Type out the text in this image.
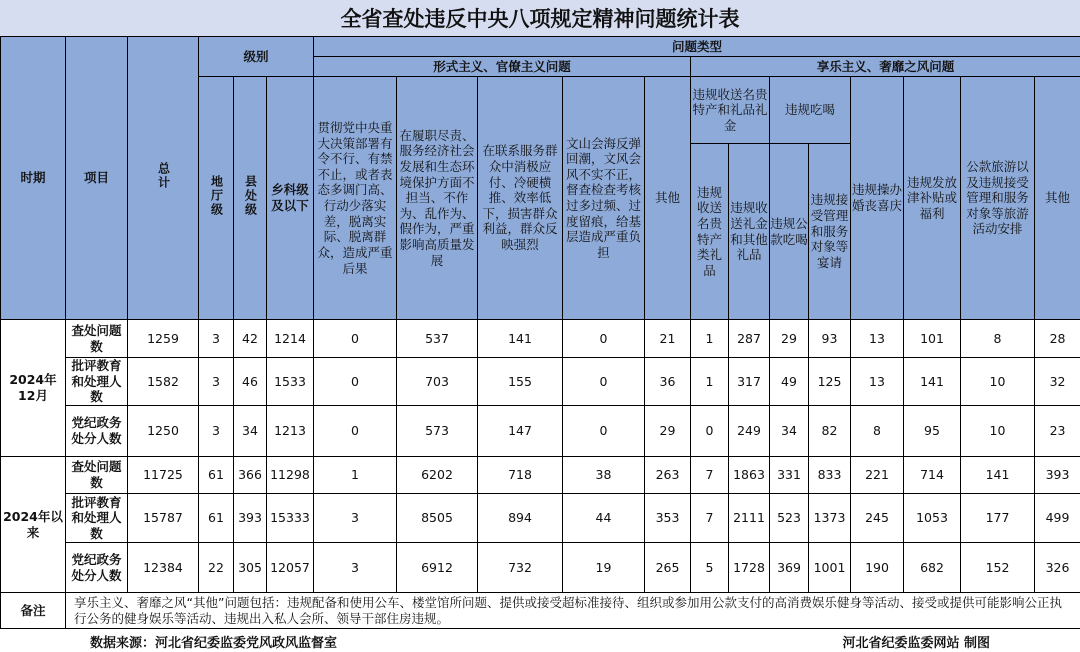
全省查处违反中央八项规定精神问题统计表
时期	项目	总计	级别			问题类型												
						形式主义、官僚主义问题					享乐主义、奢靡之风问题							
			地厅级	县处级	乡科级及以下	贯彻党中央重大决策部署有令不行、有禁不止，或者表态多调门高、行动少落实差，脱离实际、脱离群众，造成严重后果	在履职尽责、服务经济社会发展和生态环境保护方面不担当、不作为、乱作为、假作为，严重影响高质量发展	在联系服务群众中消极应付、冷硬横推、效率低下，损害群众利益，群众反映强烈	文山会海反弹回潮，文风会风不实不正，督查检查考核过多过频、过度留痕，给基层造成严重负担	其他	违规收送名贵特产和礼品礼金		违规吃喝		违规操办婚丧喜庆	违规发放津补贴或福利	公款旅游以及违规接受管理和服务对象等旅游活动安排	其他
											违规收送名贵特产类礼品	违规收送礼金和其他礼品	违规公款吃喝	违规接受管理和服务对象等宴请				

2024年12月	查处问题数	1259	3	42	1214	0	537	141	0	21	1	287	29	93	13	101	8	28
	批评教育和处理人数	1582	3	46	1533	0	703	155	0	36	1	317	49	125	13	141	10	32
	党纪政务处分人数	1250	3	34	1213	0	573	147	0	29	0	249	34	82	8	95	10	23
2024年以来	查处问题数	11725	61	366	11298	1	6202	718	38	263	7	1863	331	833	221	714	141	393
	批评教育和处理人数	15787	61	393	15333	3	8505	894	44	353	7	2111	523	1373	245	1053	177	499
	党纪政务处分人数	12384	22	305	12057	3	6912	732	19	265	5	1728	369	1001	190	682	152	326
备注	享乐主义、奢靡之风“其他”问题包括：违规配备和使用公车、楼堂馆所问题、提供或接受超标准接待、组织或参加用公款支付的高消费娱乐健身等活动、接受或提供可能影响公正执行公务的健身娱乐等活动、违规出入私人会所、领导干部住房违规。																	
数据来源：河北省纪委监委党风政风监督室	河北省纪委监委网站 制图
